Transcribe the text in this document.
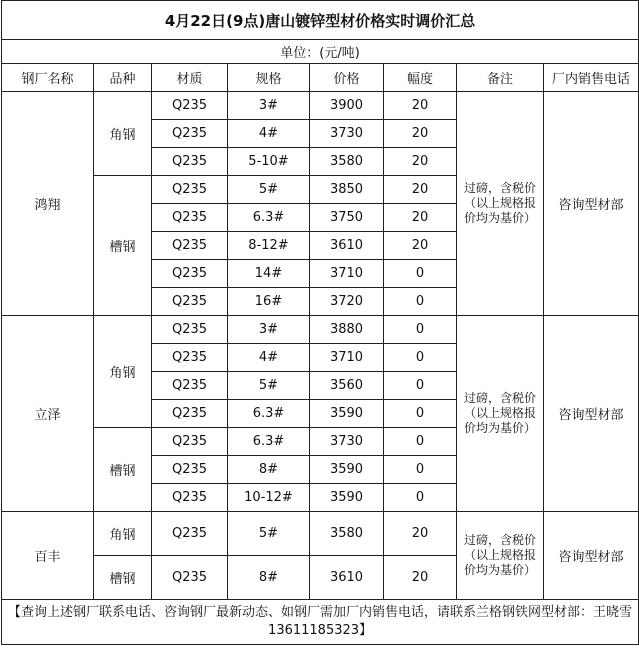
4月22日(9点)唐山镀锌型材价格实时调价汇总							
单位：(元/吨)							
钢厂名称	品种	材质	规格	价格	幅度	备注	厂内销售电话
鸿翔	角钢	Q235	3#	3900	20	过磅，含税价（以上规格报价均为基价）	咨询型材部
		Q235	4#	3730	20		
		Q235	5-10#	3580	20		
	槽钢	Q235	5#	3850	20		
		Q235	6.3#	3750	20		
		Q235	8-12#	3610	20		
		Q235	14#	3710	0		
		Q235	16#	3720	0		
立泽	角钢	Q235	3#	3880	0	过磅，含税价（以上规格报价均为基价）	咨询型材部
		Q235	4#	3710	0		
		Q235	5#	3560	0		
		Q235	6.3#	3590	0		
	槽钢	Q235	6.3#	3730	0		
		Q235	8#	3590	0		
		Q235	10-12#	3590	0		
百丰	角钢	Q235	5#	3580	20	过磅，含税价（以上规格报价均为基价）	咨询型材部
	槽钢	Q235	8#	3610	20		
【查询上述钢厂联系电话、咨询钢厂最新动态、如钢厂需加厂内销售电话，请联系兰格钢铁网型材部：王晓雪13611185323】							
